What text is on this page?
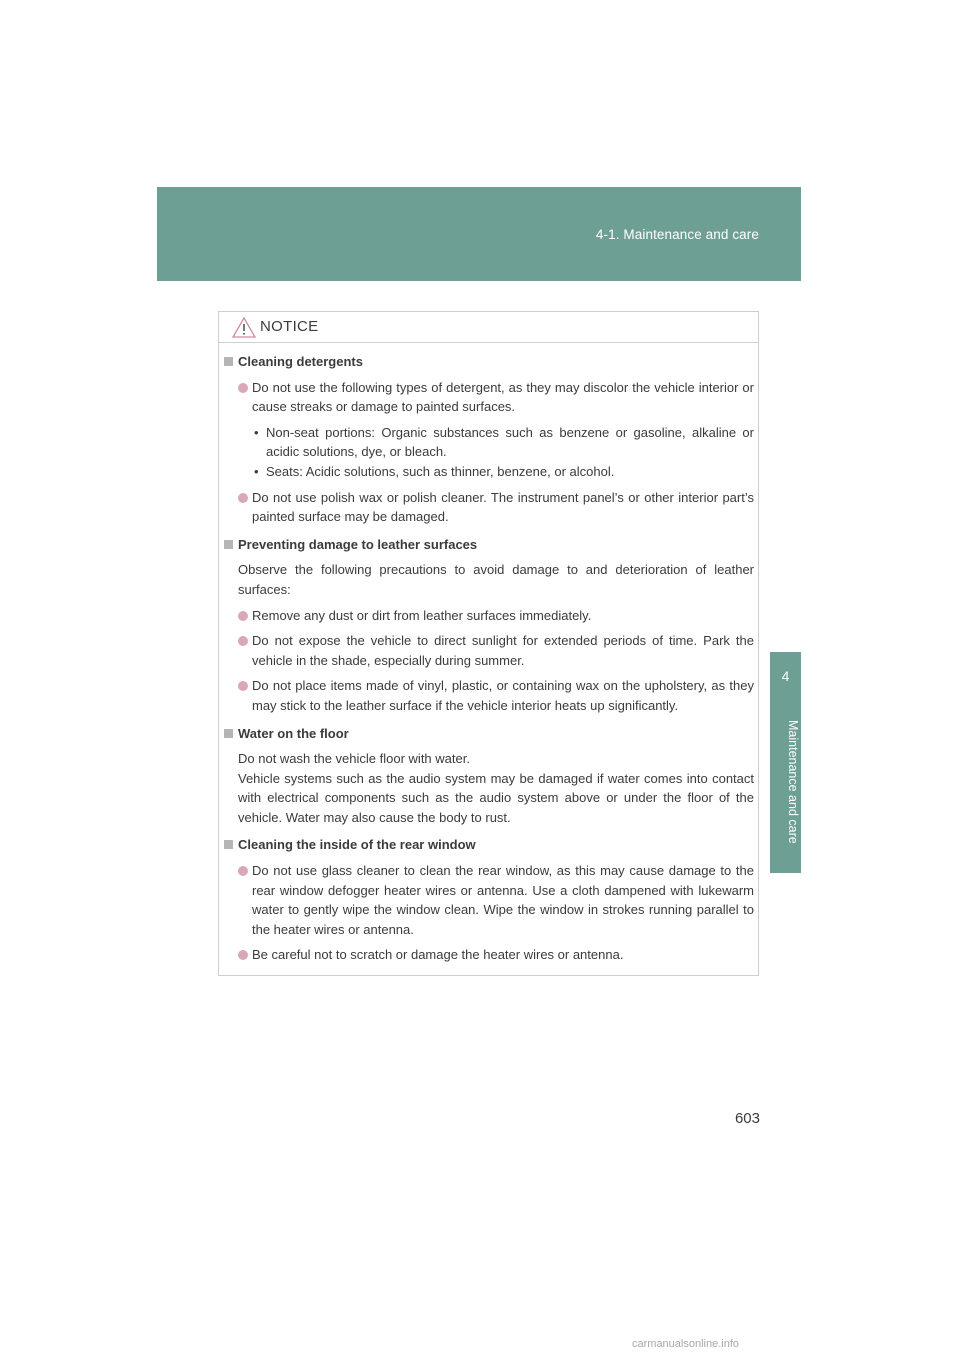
4-1. Maintenance and care
4
Maintenance and care
NOTICE
Cleaning detergents
Do not use the following types of detergent, as they may discolor the vehicle interior or cause streaks or damage to painted surfaces.
• Non-seat portions: Organic substances such as benzene or gasoline, alkaline or acidic solutions, dye, or bleach.
• Seats: Acidic solutions, such as thinner, benzene, or alcohol.
Do not use polish wax or polish cleaner. The instrument panel’s or other interior part’s painted surface may be damaged.
Preventing damage to leather surfaces
Observe the following precautions to avoid damage to and deterioration of leather surfaces:
Remove any dust or dirt from leather surfaces immediately.
Do not expose the vehicle to direct sunlight for extended periods of time. Park the vehicle in the shade, especially during summer.
Do not place items made of vinyl, plastic, or containing wax on the upholstery, as they may stick to the leather surface if the vehicle interior heats up significantly.
Water on the floor
Do not wash the vehicle floor with water.
Vehicle systems such as the audio system may be damaged if water comes into contact with electrical components such as the audio system above or under the floor of the vehicle. Water may also cause the body to rust.
Cleaning the inside of the rear window
Do not use glass cleaner to clean the rear window, as this may cause damage to the rear window defogger heater wires or antenna. Use a cloth dampened with lukewarm water to gently wipe the window clean. Wipe the window in strokes running parallel to the heater wires or antenna.
Be careful not to scratch or damage the heater wires or antenna.
603
carmanualsonline.info
